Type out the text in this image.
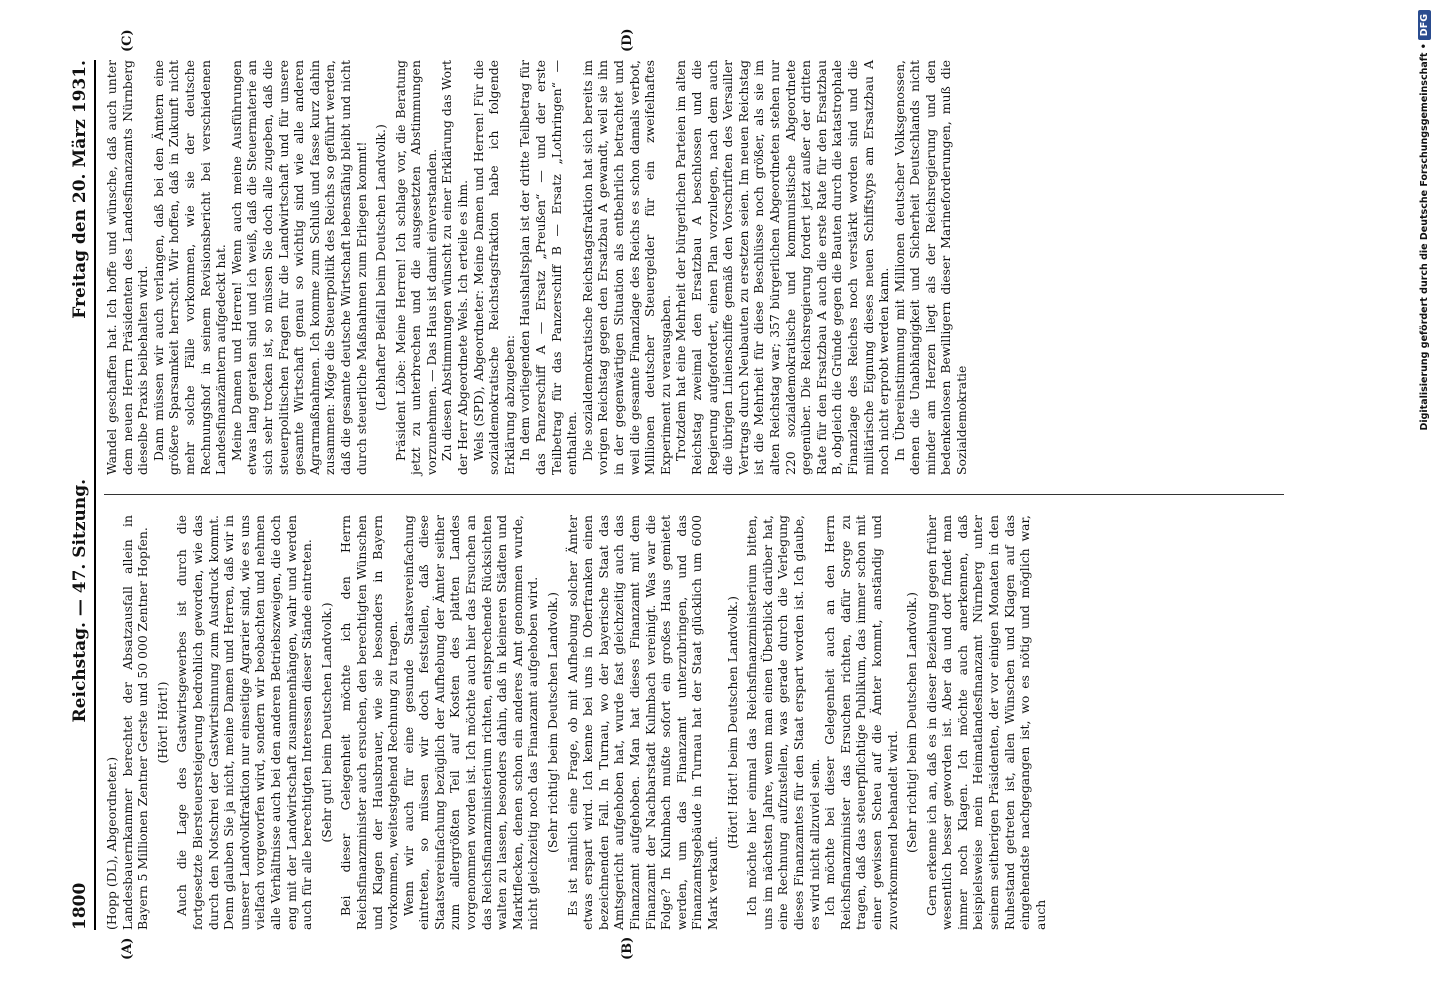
1800
Reichstag. — 47. Sitzung.
Freitag den 20. März 1931.
(A)	(B)
(C)	(D)

(Hopp (DL), Abgeordneter.) Landesbauernkammer berechtet der Absatzausfall allein in Bayern 5 Millionen Zentner Gerste und 50 000 Zentner Hopfen. (Hört! Hört!) Auch die Lage des Gastwirtsgewerbes ist durch die fortgesetzte Biersteuersteigerung bedrohlich geworden, wie das durch den Notschrei der Gastwirtsinnung zum Ausdruck kommt. Denn glauben Sie ja nicht, meine Damen und Herren, daß wir in unserer Landvolkfraktion nur einseitige Agrarier sind, wie es uns vielfach vorgeworfen wird, sondern wir beobachten und nehmen alle Verhältnisse auch bei den anderen Betriebszweigen, die doch eng mit der Landwirtschaft zusammenhängen, wahr und werden auch für alle berechtigten Interessen dieser Stände eintreten. (Sehr gut! beim Deutschen Landvolk.) Bei dieser Gelegenheit möchte ich den Herrn Reichsfinanzminister auch ersuchen, den berechtigten Wünschen und Klagen der Hausbrauer, wie sie besonders in Bayern vorkommen, weitestgehend Rechnung zu tragen. Wenn wir auch für eine gesunde Staatsvereinfachung eintreten, so müssen wir doch feststellen, daß diese Staatsvereinfachung bezüglich der Aufhebung der Ämter seither zum allergrößten Teil auf Kosten des platten Landes vorgenommen worden ist. Ich möchte auch hier das Ersuchen an das Reichsfinanzministerium richten, entsprechende Rücksichten walten zu lassen, besonders dahin, daß in kleineren Städten und Marktflecken, denen schon ein anderes Amt genommen wurde, nicht gleichzeitig noch das Finanzamt aufgehoben wird. (Sehr richtig! beim Deutschen Landvolk.) Es ist nämlich eine Frage, ob mit Aufhebung solcher Ämter etwas erspart wird. Ich kenne bei uns in Oberfranken einen bezeichnenden Fall. In Turnau, wo der bayerische Staat das Amtsgericht aufgehoben hat, wurde fast gleichzeitig auch das Finanzamt aufgehoben. Man hat dieses Finanzamt mit dem Finanzamt der Nachbarstadt Kulmbach vereinigt. Was war die Folge? In Kulmbach mußte sofort ein großes Haus gemietet werden, um das Finanzamt unterzubringen, und das Finanzamtsgebäude in Turnau hat der Staat glücklich um 6000 Mark verkauft.

(Hört! Hört! beim Deutschen Landvolk.) Ich möchte hier einmal das Reichsfinanzministerium bitten, uns im nächsten Jahre, wenn man einen Überblick darüber hat, eine Rechnung aufzustellen, was gerade durch die Verlegung dieses Finanzamtes für den Staat erspart worden ist. Ich glaube, es wird nicht allzuviel sein. Ich möchte bei dieser Gelegenheit auch an den Herrn Reichsfinanzminister das Ersuchen richten, dafür Sorge zu tragen, daß das steuerpflichtige Publikum, das immer schon mit einer gewissen Scheu auf die Ämter kommt, anständig und zuvorkommend behandelt wird. (Sehr richtig! beim Deutschen Landvolk.) Gern erkenne ich an, daß es in dieser Beziehung gegen früher wesentlich besser geworden ist. Aber da und dort findet man immer noch Klagen. Ich möchte auch anerkennen, daß beispielsweise mein Heimatlandesfinanzamt Nürnberg unter seinem seitherigen Präsidenten, der vor einigen Monaten in den Ruhestand getreten ist, allen Wünschen und Klagen auf das eingehendste nachgegangen ist, wo es nötig und möglich war, auch

Wandel geschaffen hat. Ich hoffe und wünsche, daß auch unter dem neuen Herrn Präsidenten des Landesfinanzamts Nürnberg dieselbe Praxis beibehalten wird. Dann müssen wir auch verlangen, daß bei den Ämtern eine größere Sparsamkeit herrscht. Wir hoffen, daß in Zukunft nicht mehr solche Fälle vorkommen, wie sie der deutsche Rechnungshof in seinem Revisionsbericht bei verschiedenen Landesfinanzämtern aufgedeckt hat. Meine Damen und Herren! Wenn auch meine Ausführungen etwas lang geraten sind und ich weiß, daß die Steuermaterie an sich sehr trocken ist, so müssen Sie doch alle zugeben, daß die steuerpolitischen Fragen für die Landwirtschaft und für unsere gesamte Wirtschaft genau so wichtig sind wie alle anderen Agrarmaßnahmen. Ich komme zum Schluß und fasse kurz dahin zusammen: Möge die Steuerpolitik des Reichs so geführt werden, daß die gesamte deutsche Wirtschaft lebensfähig bleibt und nicht durch steuerliche Maßnahmen zum Erliegen kommt! (Lebhafter Beifall beim Deutschen Landvolk.) Präsident Löbe: Meine Herren! Ich schlage vor, die Beratung jetzt zu unterbrechen und die ausgesetzten Abstimmungen vorzunehmen. — Das Haus ist damit einverstanden. Zu diesen Abstimmungen wünscht zu einer Erklärung das Wort der Herr Abgeordnete Wels. Ich erteile es ihm. Wels (SPD), Abgeordneter: Meine Damen und Herren! Für die sozialdemokratische Reichstagsfraktion habe ich folgende Erklärung abzugeben: In dem vorliegenden Haushaltsplan ist der dritte Teilbetrag für das Panzerschiff A — Ersatz „Preußen“ — und der erste Teilbetrag für das Panzerschiff B — Ersatz „Lothringen“ — enthalten. Die sozialdemokratische Reichstagsfraktion hat sich bereits im vorigen Reichstag gegen den Ersatzbau A gewandt, weil sie ihn in der gegenwärtigen Situation als entbehrlich betrachtet und weil die gesamte Finanzlage des Reichs es schon damals verbot, Millionen deutscher Steuergelder für ein zweifelhaftes Experiment zu verausgaben. Trotzdem hat eine Mehrheit der bürgerlichen Parteien im alten Reichstag zweimal den Ersatzbau A beschlossen und die Regierung aufgefordert, einen Plan vorzulegen, nach dem auch die übrigen Linienschiffe gemäß den Vorschriften des Versailler Vertrags durch Neubauten zu ersetzen seien. Im neuen Reichstag ist die Mehrheit für diese Beschlüsse noch größer, als sie im alten Reichstag war; 357 bürgerlichen Abgeordneten stehen nur 220 sozialdemokratische und kommunistische Abgeordnete gegenüber. Die Reichsregierung fordert jetzt außer der dritten Rate für den Ersatzbau A auch die erste Rate für den Ersatzbau B, obgleich die Gründe gegen die Bauten durch die katastrophale Finanzlage des Reiches noch verstärkt worden sind und die militärische Eignung dieses neuen Schiffstyps am Ersatzbau A noch nicht erprobt werden kann. In Übereinstimmung mit Millionen deutscher Volksgenossen, denen die Unabhängigkeit und Sicherheit Deutschlands nicht minder am Herzen liegt als der Reichsregierung und den bedenkenlosen Bewilligern dieser Marineforderungen, muß die Sozialdemokratie	Digitalisierung gefördert durch die Deutsche Forschungsgemeinschaft •
DFG
